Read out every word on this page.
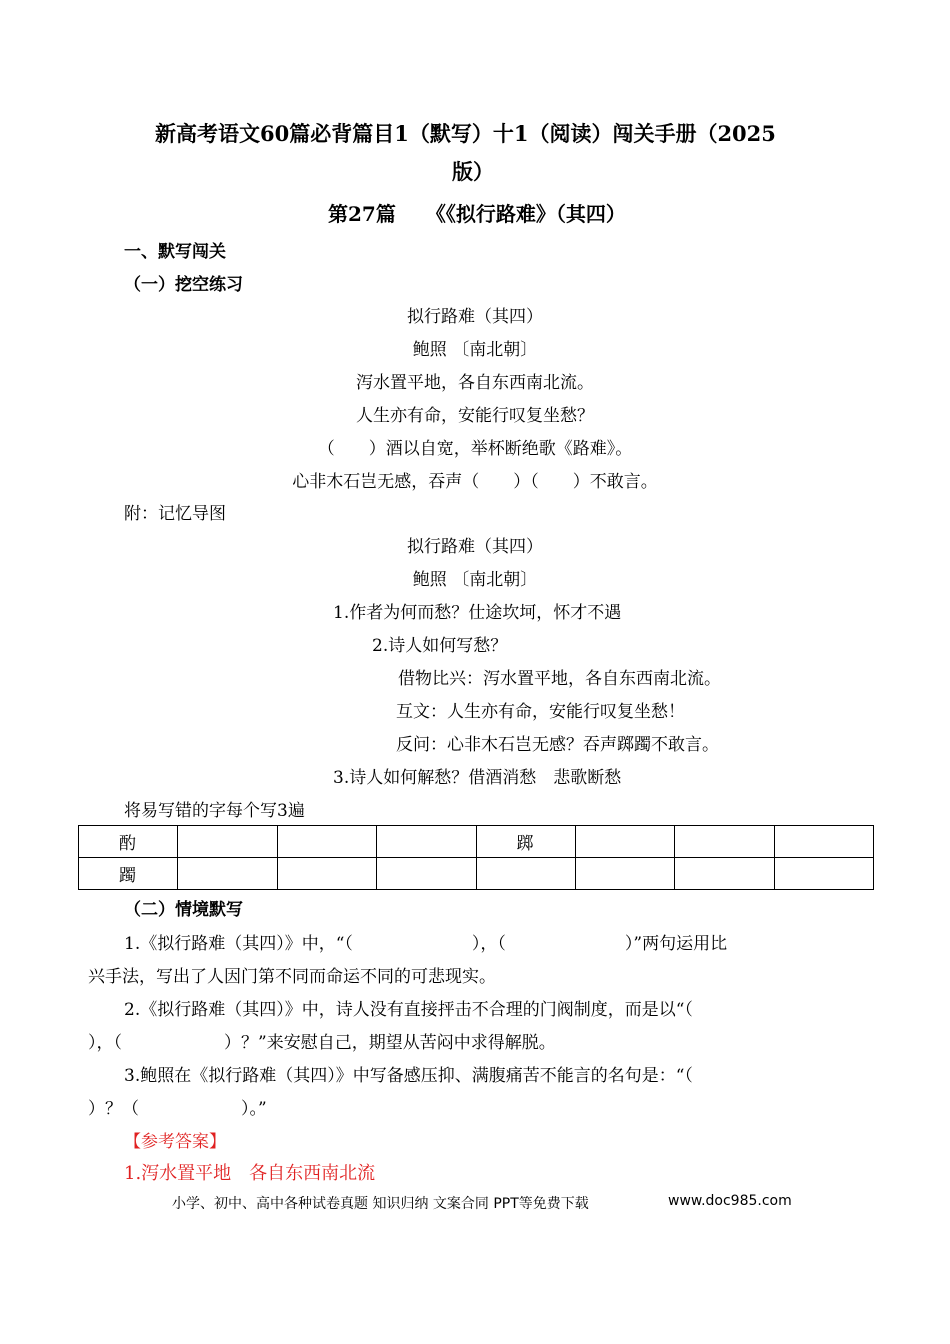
新高考语文60篇必背篇目1（默写）十1（阅读）闯关手册（2025
版）
第27篇　　《《拟行路难》（其四）
一、默写闯关
（一）挖空练习
拟行路难（其四）
鲍照 〔南北朝〕
泻水置平地，各自东西南北流。
人生亦有命，安能行叹复坐愁？
（　　）酒以自宽，举杯断绝歌《路难》。
心非木石岂无感，吞声（　　）（　　）不敢言。
附：记忆导图
拟行路难（其四）
鲍照 〔南北朝〕
1.作者为何而愁？仕途坎坷，怀才不遇
2.诗人如何写愁？
借物比兴：泻水置平地，各自东西南北流。
互文：人生亦有命，安能行叹复坐愁！
反问：心非木石岂无感？吞声踯躅不敢言。
3.诗人如何解愁？借酒消愁　悲歌断愁
将易写错的字每个写3遍
酌				踯			
躅							
（二）情境默写
1.《拟行路难（其四）》中，“（　　　　　　　），（　　　　　　　）”两句运用比
兴手法，写出了人因门第不同而命运不同的可悲现实。
2.《拟行路难（其四）》中，诗人没有直接抨击不合理的门阀制度，而是以“（
），（　　　　　　）？”来安慰自己，期望从苦闷中求得解脱。
3.鲍照在《拟行路难（其四）》中写备感压抑、满腹痛苦不能言的名句是：“（
）？（　　　　　　）。”
【参考答案】
1.泻水置平地　各自东西南北流
小学、初中、高中各种试卷真题 知识归纳 文案合同 PPT等免费下载	www.doc985.com
